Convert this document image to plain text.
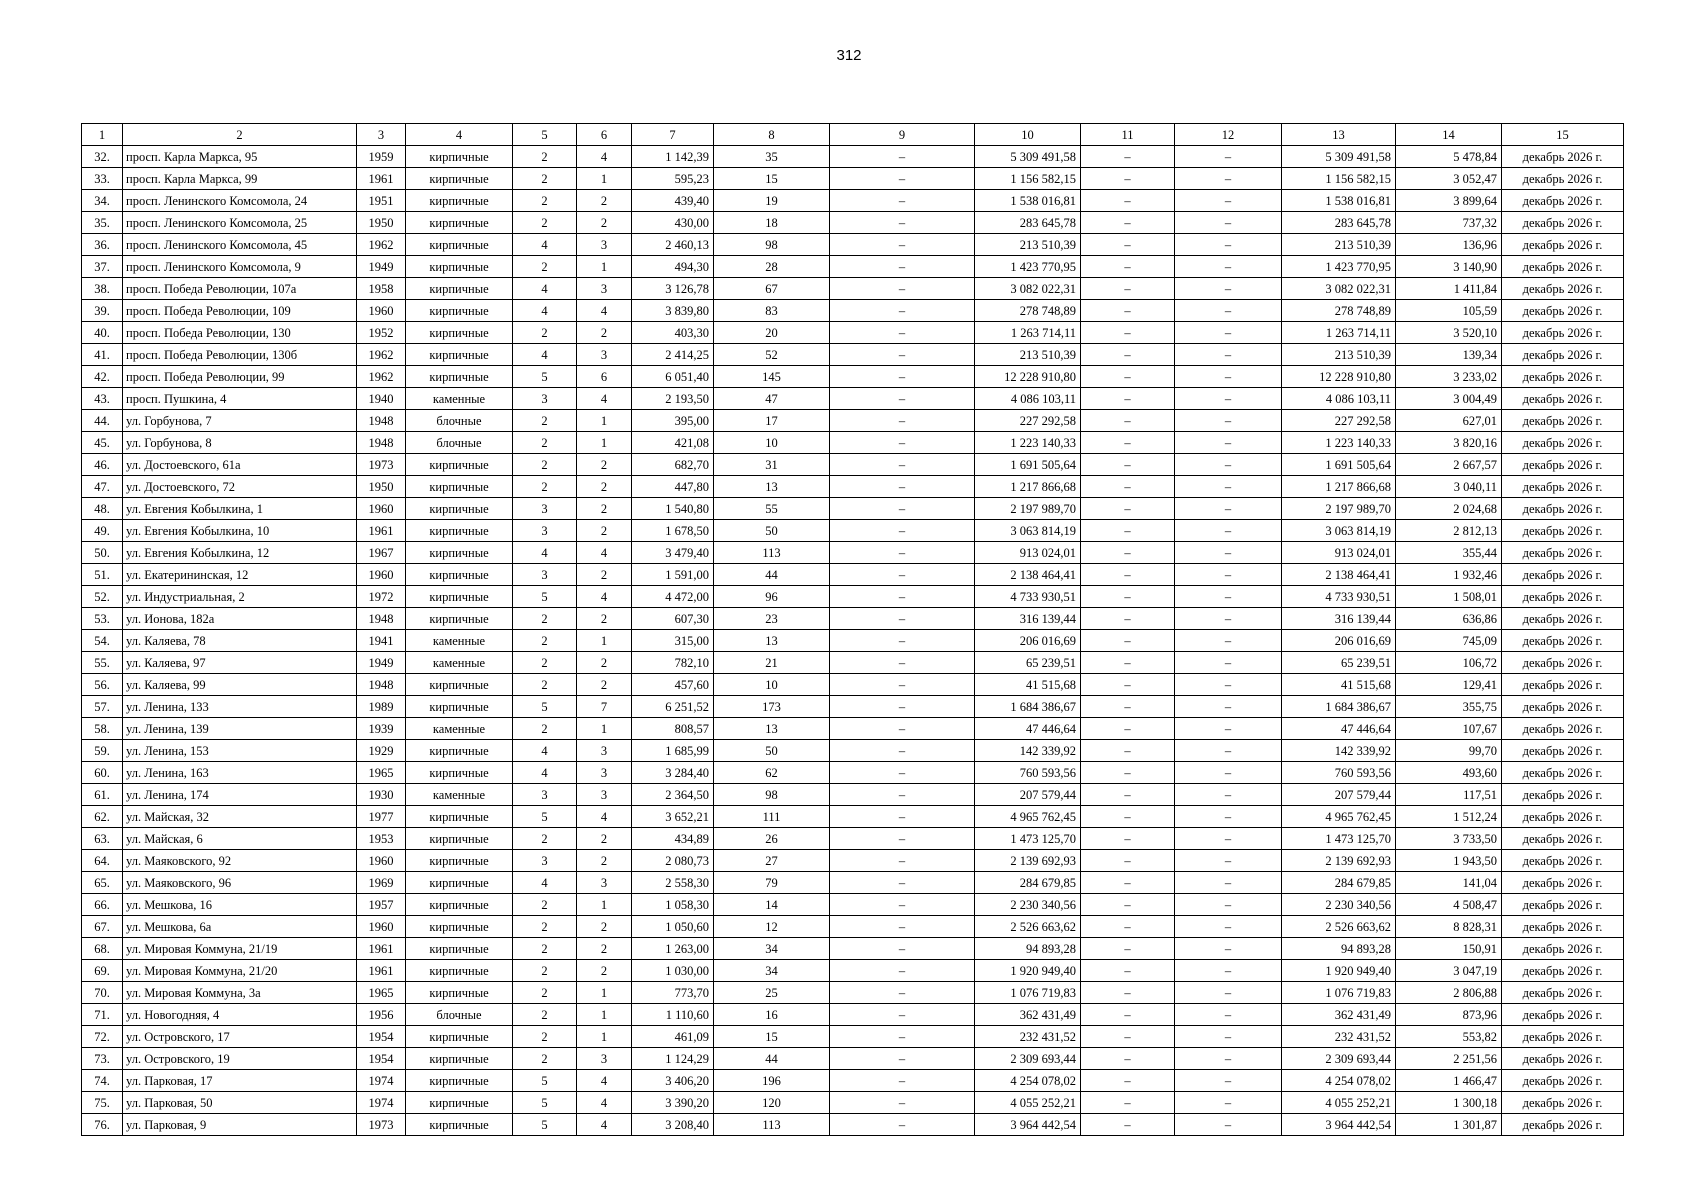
312
1	2	3	4	5	6	7	8	9	10	11	12	13	14	15
32.	просп. Карла Маркса, 95	1959	кирпичные	2	4	1 142,39	35	–	5 309 491,58	–	–	5 309 491,58	5 478,84	декабрь 2026 г.
33.	просп. Карла Маркса, 99	1961	кирпичные	2	1	595,23	15	–	1 156 582,15	–	–	1 156 582,15	3 052,47	декабрь 2026 г.
34.	просп. Ленинского Комсомола, 24	1951	кирпичные	2	2	439,40	19	–	1 538 016,81	–	–	1 538 016,81	3 899,64	декабрь 2026 г.
35.	просп. Ленинского Комсомола, 25	1950	кирпичные	2	2	430,00	18	–	283 645,78	–	–	283 645,78	737,32	декабрь 2026 г.
36.	просп. Ленинского Комсомола, 45	1962	кирпичные	4	3	2 460,13	98	–	213 510,39	–	–	213 510,39	136,96	декабрь 2026 г.
37.	просп. Ленинского Комсомола, 9	1949	кирпичные	2	1	494,30	28	–	1 423 770,95	–	–	1 423 770,95	3 140,90	декабрь 2026 г.
38.	просп. Победа Революции, 107а	1958	кирпичные	4	3	3 126,78	67	–	3 082 022,31	–	–	3 082 022,31	1 411,84	декабрь 2026 г.
39.	просп. Победа Революции, 109	1960	кирпичные	4	4	3 839,80	83	–	278 748,89	–	–	278 748,89	105,59	декабрь 2026 г.
40.	просп. Победа Революции, 130	1952	кирпичные	2	2	403,30	20	–	1 263 714,11	–	–	1 263 714,11	3 520,10	декабрь 2026 г.
41.	просп. Победа Революции, 130б	1962	кирпичные	4	3	2 414,25	52	–	213 510,39	–	–	213 510,39	139,34	декабрь 2026 г.
42.	просп. Победа Революции, 99	1962	кирпичные	5	6	6 051,40	145	–	12 228 910,80	–	–	12 228 910,80	3 233,02	декабрь 2026 г.
43.	просп. Пушкина, 4	1940	каменные	3	4	2 193,50	47	–	4 086 103,11	–	–	4 086 103,11	3 004,49	декабрь 2026 г.
44.	ул. Горбунова, 7	1948	блочные	2	1	395,00	17	–	227 292,58	–	–	227 292,58	627,01	декабрь 2026 г.
45.	ул. Горбунова, 8	1948	блочные	2	1	421,08	10	–	1 223 140,33	–	–	1 223 140,33	3 820,16	декабрь 2026 г.
46.	ул. Достоевского, 61а	1973	кирпичные	2	2	682,70	31	–	1 691 505,64	–	–	1 691 505,64	2 667,57	декабрь 2026 г.
47.	ул. Достоевского, 72	1950	кирпичные	2	2	447,80	13	–	1 217 866,68	–	–	1 217 866,68	3 040,11	декабрь 2026 г.
48.	ул. Евгения Кобылкина, 1	1960	кирпичные	3	2	1 540,80	55	–	2 197 989,70	–	–	2 197 989,70	2 024,68	декабрь 2026 г.
49.	ул. Евгения Кобылкина, 10	1961	кирпичные	3	2	1 678,50	50	–	3 063 814,19	–	–	3 063 814,19	2 812,13	декабрь 2026 г.
50.	ул. Евгения Кобылкина, 12	1967	кирпичные	4	4	3 479,40	113	–	913 024,01	–	–	913 024,01	355,44	декабрь 2026 г.
51.	ул. Екатерининская, 12	1960	кирпичные	3	2	1 591,00	44	–	2 138 464,41	–	–	2 138 464,41	1 932,46	декабрь 2026 г.
52.	ул. Индустриальная, 2	1972	кирпичные	5	4	4 472,00	96	–	4 733 930,51	–	–	4 733 930,51	1 508,01	декабрь 2026 г.
53.	ул. Ионова, 182а	1948	кирпичные	2	2	607,30	23	–	316 139,44	–	–	316 139,44	636,86	декабрь 2026 г.
54.	ул. Каляева, 78	1941	каменные	2	1	315,00	13	–	206 016,69	–	–	206 016,69	745,09	декабрь 2026 г.
55.	ул. Каляева, 97	1949	каменные	2	2	782,10	21	–	65 239,51	–	–	65 239,51	106,72	декабрь 2026 г.
56.	ул. Каляева, 99	1948	кирпичные	2	2	457,60	10	–	41 515,68	–	–	41 515,68	129,41	декабрь 2026 г.
57.	ул. Ленина, 133	1989	кирпичные	5	7	6 251,52	173	–	1 684 386,67	–	–	1 684 386,67	355,75	декабрь 2026 г.
58.	ул. Ленина, 139	1939	каменные	2	1	808,57	13	–	47 446,64	–	–	47 446,64	107,67	декабрь 2026 г.
59.	ул. Ленина, 153	1929	кирпичные	4	3	1 685,99	50	–	142 339,92	–	–	142 339,92	99,70	декабрь 2026 г.
60.	ул. Ленина, 163	1965	кирпичные	4	3	3 284,40	62	–	760 593,56	–	–	760 593,56	493,60	декабрь 2026 г.
61.	ул. Ленина, 174	1930	каменные	3	3	2 364,50	98	–	207 579,44	–	–	207 579,44	117,51	декабрь 2026 г.
62.	ул. Майская, 32	1977	кирпичные	5	4	3 652,21	111	–	4 965 762,45	–	–	4 965 762,45	1 512,24	декабрь 2026 г.
63.	ул. Майская, 6	1953	кирпичные	2	2	434,89	26	–	1 473 125,70	–	–	1 473 125,70	3 733,50	декабрь 2026 г.
64.	ул. Маяковского, 92	1960	кирпичные	3	2	2 080,73	27	–	2 139 692,93	–	–	2 139 692,93	1 943,50	декабрь 2026 г.
65.	ул. Маяковского, 96	1969	кирпичные	4	3	2 558,30	79	–	284 679,85	–	–	284 679,85	141,04	декабрь 2026 г.
66.	ул. Мешкова, 16	1957	кирпичные	2	1	1 058,30	14	–	2 230 340,56	–	–	2 230 340,56	4 508,47	декабрь 2026 г.
67.	ул. Мешкова, 6а	1960	кирпичные	2	2	1 050,60	12	–	2 526 663,62	–	–	2 526 663,62	8 828,31	декабрь 2026 г.
68.	ул. Мировая Коммуна, 21/19	1961	кирпичные	2	2	1 263,00	34	–	94 893,28	–	–	94 893,28	150,91	декабрь 2026 г.
69.	ул. Мировая Коммуна, 21/20	1961	кирпичные	2	2	1 030,00	34	–	1 920 949,40	–	–	1 920 949,40	3 047,19	декабрь 2026 г.
70.	ул. Мировая Коммуна, 3а	1965	кирпичные	2	1	773,70	25	–	1 076 719,83	–	–	1 076 719,83	2 806,88	декабрь 2026 г.
71.	ул. Новогодняя, 4	1956	блочные	2	1	1 110,60	16	–	362 431,49	–	–	362 431,49	873,96	декабрь 2026 г.
72.	ул. Островского, 17	1954	кирпичные	2	1	461,09	15	–	232 431,52	–	–	232 431,52	553,82	декабрь 2026 г.
73.	ул. Островского, 19	1954	кирпичные	2	3	1 124,29	44	–	2 309 693,44	–	–	2 309 693,44	2 251,56	декабрь 2026 г.
74.	ул. Парковая, 17	1974	кирпичные	5	4	3 406,20	196	–	4 254 078,02	–	–	4 254 078,02	1 466,47	декабрь 2026 г.
75.	ул. Парковая, 50	1974	кирпичные	5	4	3 390,20	120	–	4 055 252,21	–	–	4 055 252,21	1 300,18	декабрь 2026 г.
76.	ул. Парковая, 9	1973	кирпичные	5	4	3 208,40	113	–	3 964 442,54	–	–	3 964 442,54	1 301,87	декабрь 2026 г.
